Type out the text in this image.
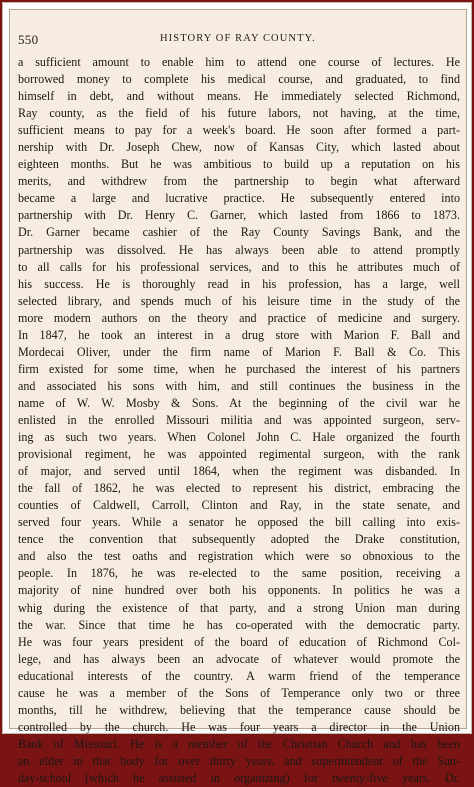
550	HISTORY OF RAY COUNTY.
a sufficient amount to enable him to attend one course of lectures. He
borrowed money to complete his medical course, and graduated, to find
himself in debt, and without means. He immediately selected Richmond,
Ray county, as the field of his future labors, not having, at the time,
sufficient means to pay for a week's board. He soon after formed a part-
nership with Dr. Joseph Chew, now of Kansas City, which lasted about
eighteen months. But he was ambitious to build up a reputation on his
merits, and withdrew from the partnership to begin what afterward
became a large and lucrative practice. He subsequently entered into
partnership with Dr. Henry C. Garner, which lasted from 1866 to 1873.
Dr. Garner became cashier of the Ray County Savings Bank, and the
partnership was dissolved. He has always been able to attend promptly
to all calls for his professional services, and to this he attributes much of
his success. He is thoroughly read in his profession, has a large, well
selected library, and spends much of his leisure time in the study of the
more modern authors on the theory and practice of medicine and surgery.
In 1847, he took an interest in a drug store with Marion F. Ball and
Mordecai Oliver, under the firm name of Marion F. Ball & Co. This
firm existed for some time, when he purchased the interest of his partners
and associated his sons with him, and still continues the business in the
name of W. W. Mosby & Sons. At the beginning of the civil war he
enlisted in the enrolled Missouri militia and was appointed surgeon, serv-
ing as such two years. When Colonel John C. Hale organized the fourth
provisional regiment, he was appointed regimental surgeon, with the rank
of major, and served until 1864, when the regiment was disbanded. In
the fall of 1862, he was elected to represent his district, embracing the
counties of Caldwell, Carroll, Clinton and Ray, in the state senate, and
served four years. While a senator he opposed the bill calling into exis-
tence the convention that subsequently adopted the Drake constitution,
and also the test oaths and registration which were so obnoxious to the
people. In 1876, he was re-elected to the same position, receiving a
majority of nine hundred over both his opponents. In politics he was a
whig during the existence of that party, and a strong Union man during
the war. Since that time he has co-operated with the democratic party.
He was four years president of the board of education of Richmond Col-
lege, and has always been an advocate of whatever would promote the
educational interests of the country. A warm friend of the temperance
cause he was a member of the Sons of Temperance only two or three
months, till he withdrew, believing that the temperance cause should be
controlled by the church. He was four years a director in the Union
Bank of Missouri. He is a member of the Christian Church and has been
an elder in that body for over thirty years, and superintendent of the Sun-
day-school (which he assisted in organizing) for twenty-five years. Dr.
